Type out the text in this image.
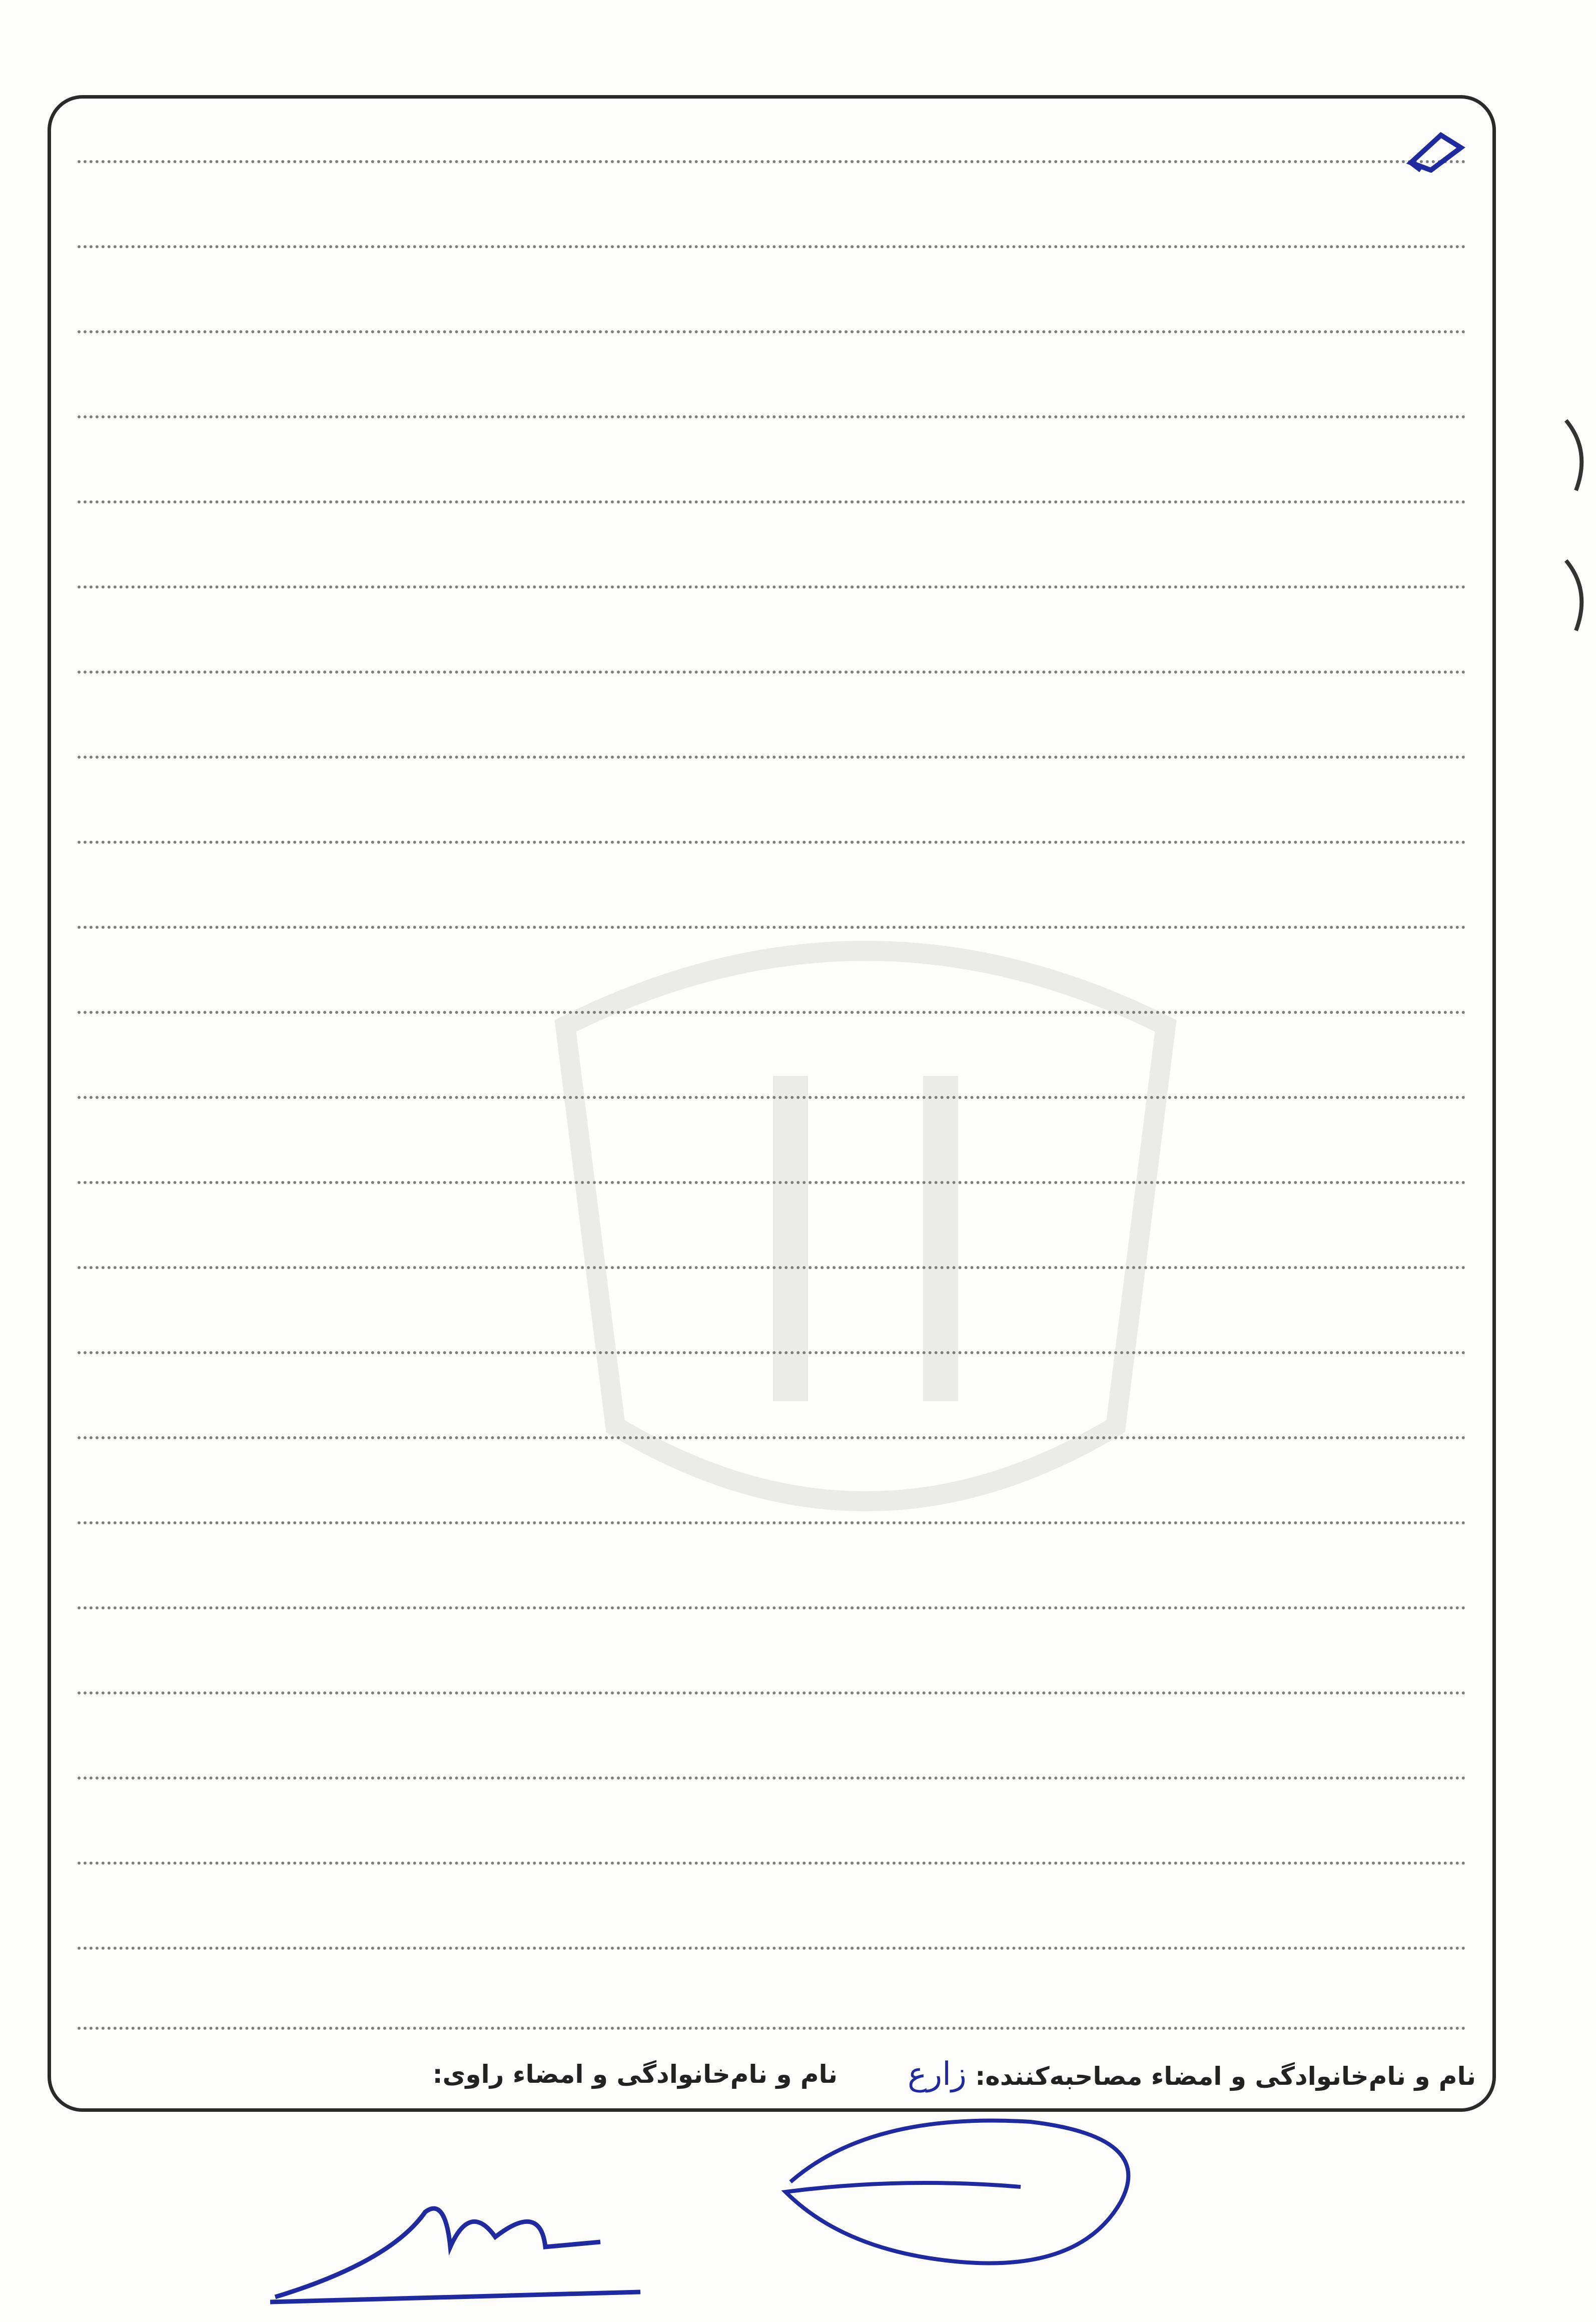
نام و نام‌خانوادگی و امضاء مصاحبه‌کننده: زارع
نام و نام‌خانوادگی و امضاء راوی:
